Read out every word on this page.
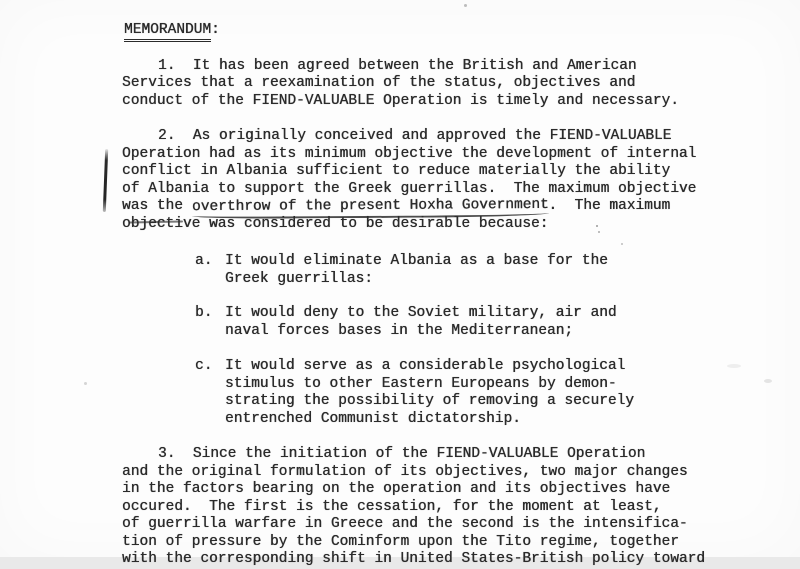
MEMORANDUM:
1.  It has been agreed between the British and American
Services that a reexamination of the status, objectives and
conduct of the FIEND-VALUABLE Operation is timely and necessary.
2.  As originally conceived and approved the FIEND-VALUABLE
Operation had as its minimum objective the development of internal
conflict in Albania sufficient to reduce materially the ability
of Albania to support the Greek guerrillas.  The maximum objective
was the overthrow of the present Hoxha Government.  The maximum
objective was considered to be desirable because:
a. It would eliminate Albania as a base for the
Greek guerrillas:
b. It would deny to the Soviet military, air and
naval forces bases in the Mediterranean;
c. It would serve as a considerable psychological
stimulus to other Eastern Europeans by demon-
strating the possibility of removing a securely
entrenched Communist dictatorship.
3.  Since the initiation of the FIEND-VALUABLE Operation
and the original formulation of its objectives, two major changes
in the factors bearing on the operation and its objectives have
occured.  The first is the cessation, for the moment at least,
of guerrilla warfare in Greece and the second is the intensifica-
tion of pressure by the Cominform upon the Tito regime, together
with the corresponding shift in United States-British policy toward
